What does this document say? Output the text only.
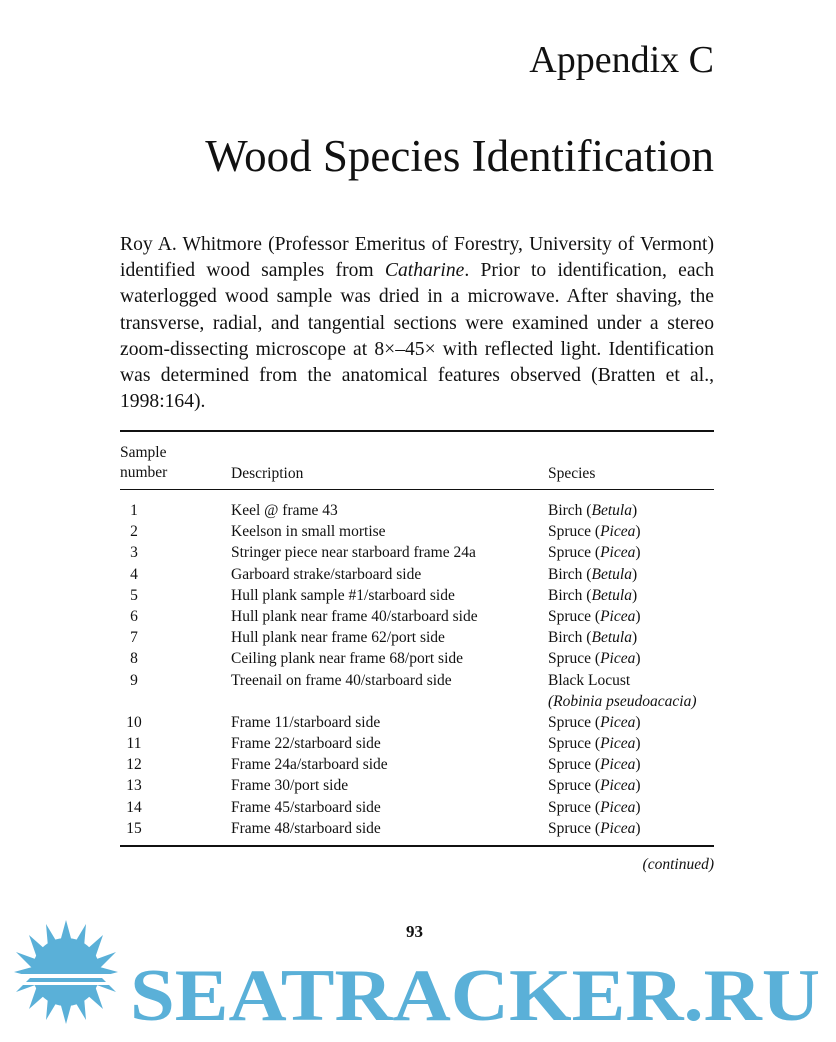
Appendix C
Wood Species Identification

Roy A. Whitmore (Professor Emeritus of Forestry, University of Vermont) identified wood samples from Catharine. Prior to identification, each waterlogged wood sample was dried in a microwave. After shaving, the transverse, radial, and tangential sections were examined under a stereo zoom-dissecting microscope at 8×–45× with reflected light. Identification was determined from the anatomical features observed (Bratten et al., 1998:164).

Sample
number	Description	Species
1	Keel @ frame 43	Birch (Betula)
2	Keelson in small mortise	Spruce (Picea)
3	Stringer piece near starboard frame 24a	Spruce (Picea)
4	Garboard strake/starboard side	Birch (Betula)
5	Hull plank sample #1/starboard side	Birch (Betula)
6	Hull plank near frame 40/starboard side	Spruce (Picea)
7	Hull plank near frame 62/port side	Birch (Betula)
8	Ceiling plank near frame 68/port side	Spruce (Picea)
9	Treenail on frame 40/starboard side	Black Locust
(Robinia pseudoacacia)
10	Frame 11/starboard side	Spruce (Picea)
11	Frame 22/starboard side	Spruce (Picea)
12	Frame 24a/starboard side	Spruce (Picea)
13	Frame 30/port side	Spruce (Picea)
14	Frame 45/starboard side	Spruce (Picea)
15	Frame 48/starboard side	Spruce (Picea)
(continued)
93
SEATRACKER.RU
